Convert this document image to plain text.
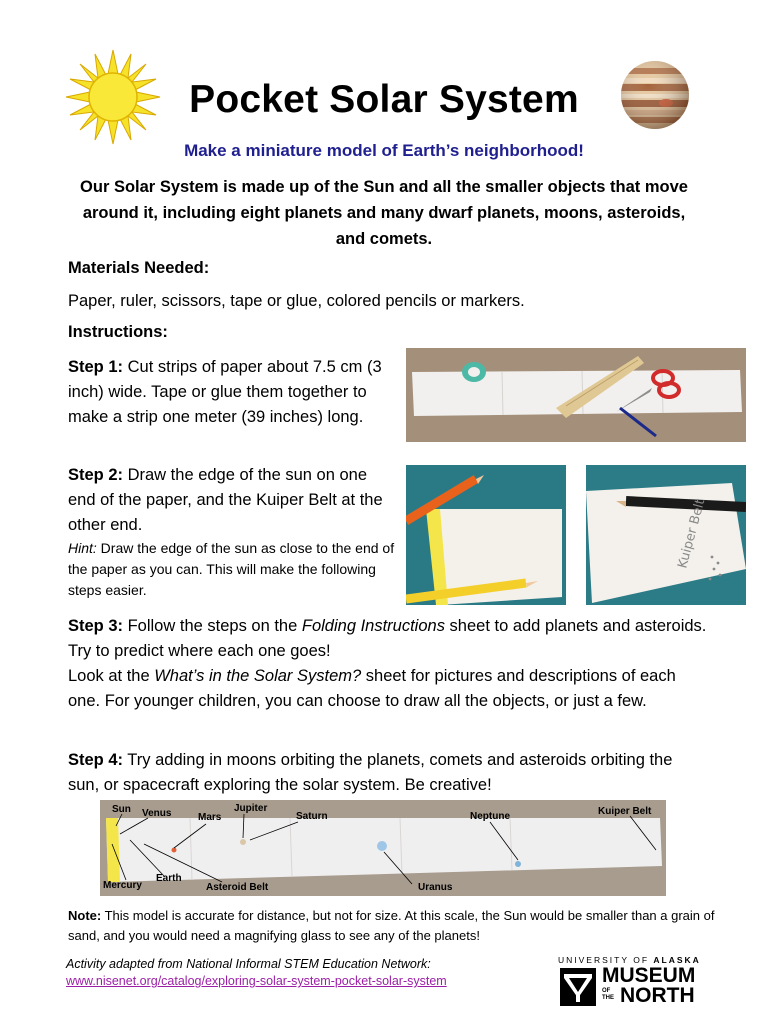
Pocket Solar System
Make a miniature model of Earth’s neighborhood!
Our Solar System is made up of the Sun and all the smaller objects that move around it, including eight planets and many dwarf planets, moons, asteroids, and comets.
Materials Needed:
Paper, ruler, scissors, tape or glue, colored pencils or markers.
Instructions:
Step 1: Cut strips of paper about 7.5 cm (3 inch) wide. Tape or glue them together to make a strip one meter (39 inches) long.
Step 2: Draw the edge of the sun on one end of the paper, and the Kuiper Belt at the other end.
Hint: Draw the edge of the sun as close to the end of the paper as you can. This will make the following steps easier.
Step 3: Follow the steps on the Folding Instructions sheet to add planets and asteroids. Try to predict where each one goes!
Look at the What’s in the Solar System? sheet for pictures and descriptions of each one. For younger children, you can choose to draw all the objects, or just a few.
Step 4: Try adding in moons orbiting the planets, comets and asteroids orbiting the sun, or spacecraft exploring the solar system. Be creative!
Kuiper Belt
Sun Venus	Mars
Jupiter
Saturn	Neptune	Kuiper Belt
Mercury
Earth
Asteroid Belt	Uranus
Note: This model is accurate for distance, but not for size. At this scale, the Sun would be smaller than a grain of sand, and you would need a magnifying glass to see any of the planets!
Activity adapted from National Informal STEM Education Network:
www.nisenet.org/catalog/exploring-solar-system-pocket-solar-system
UNIVERSITY OF ALASKA
MUSEUM
OF THE NORTH
